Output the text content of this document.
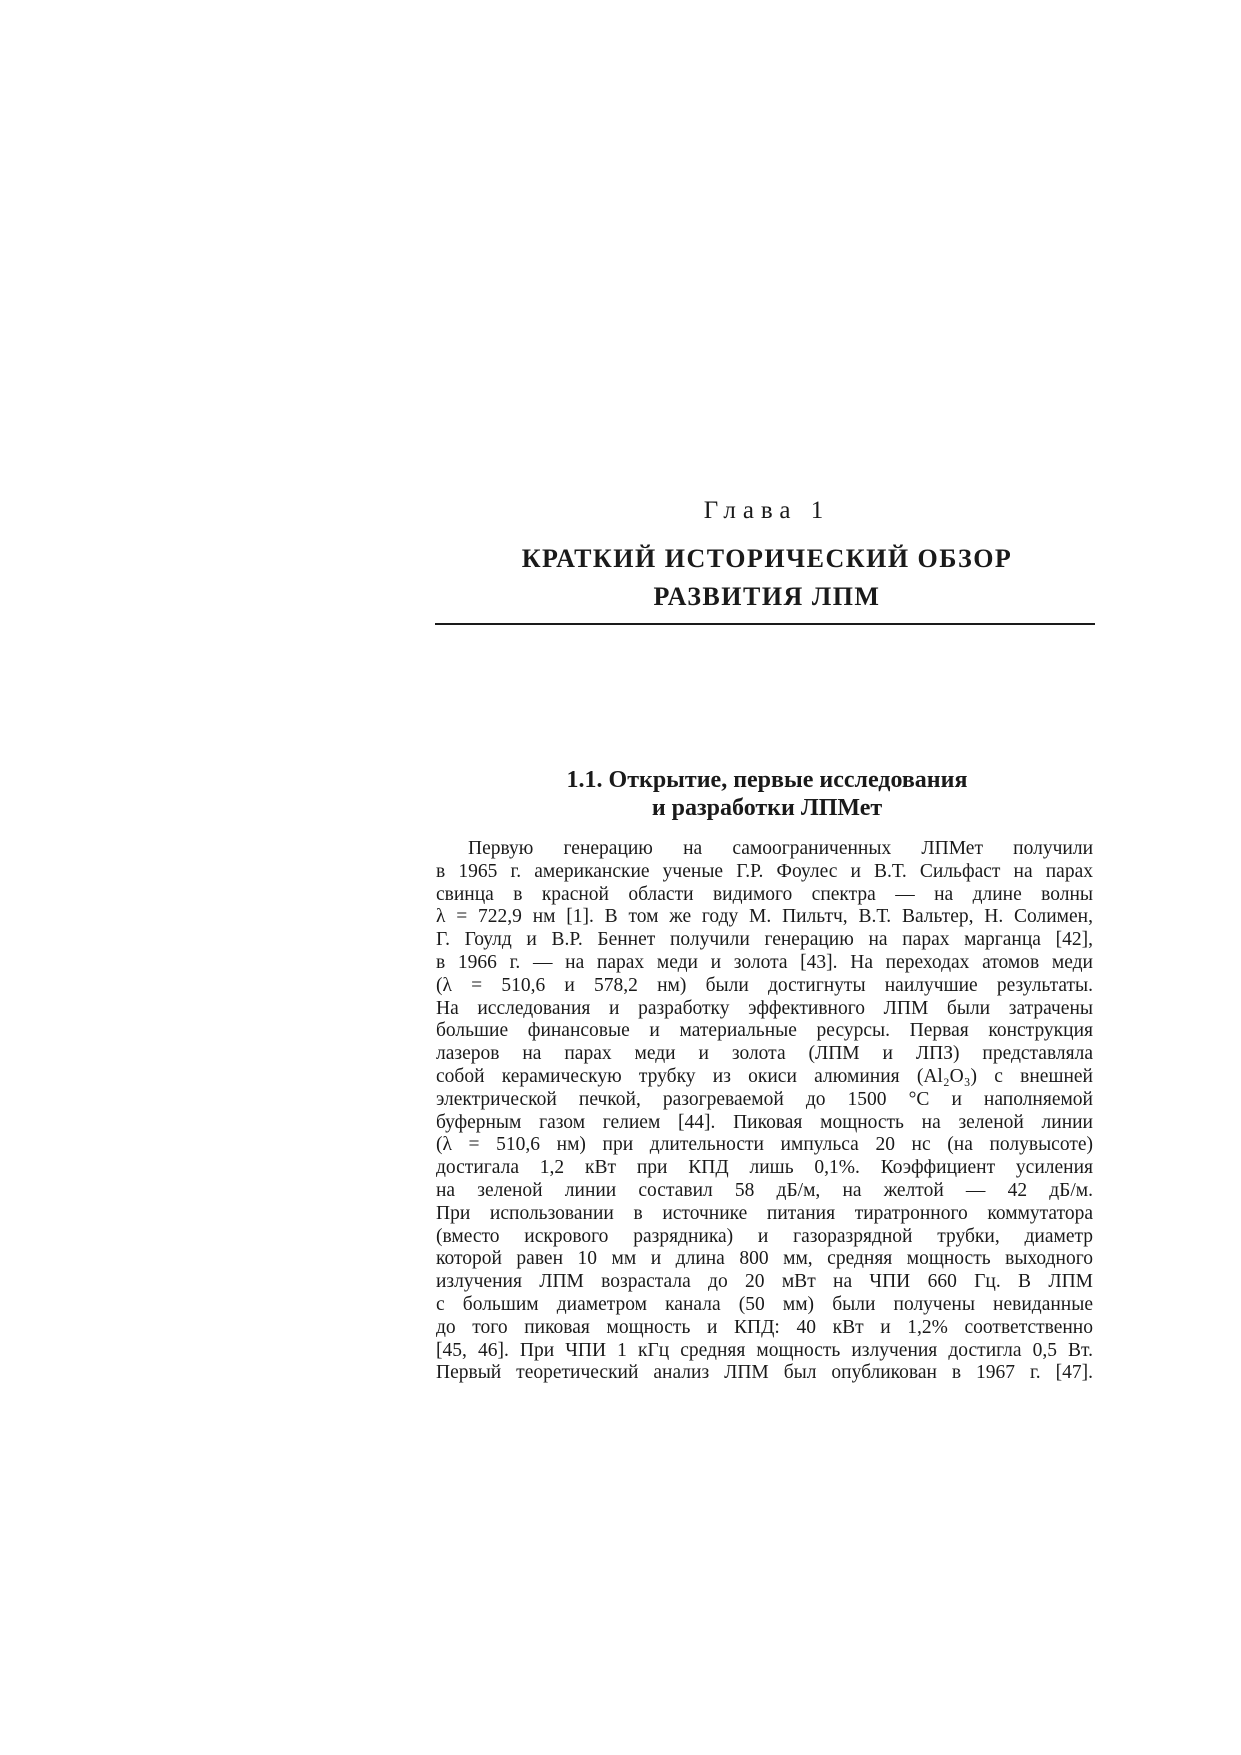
Глава 1
КРАТКИЙ ИСТОРИЧЕСКИЙ ОБЗОР
РАЗВИТИЯ ЛПМ
1.1. Открытие, первые исследования
и разработки ЛПМет
Первую генерацию на самоограниченных ЛПМет получили
в 1965 г. американские ученые Г.Р. Фоулес и В.Т. Сильфаст на парах
свинца в красной области видимого спектра — на длине волны
λ = 722,9 нм [1]. В том же году М. Пильтч, В.Т. Вальтер, Н. Солимен,
Г. Гоулд и В.Р. Беннет получили генерацию на парах марганца [42],
в 1966 г. — на парах меди и золота [43]. На переходах атомов меди
(λ = 510,6 и 578,2 нм) были достигнуты наилучшие результаты.
На исследования и разработку эффективного ЛПМ были затрачены
большие финансовые и материальные ресурсы. Первая конструкция
лазеров на парах меди и золота (ЛПМ и ЛПЗ) представляла
собой керамическую трубку из окиси алюминия (Al₂O₃) с внешней
электрической печкой, разогреваемой до 1500 °C и наполняемой
буферным газом гелием [44]. Пиковая мощность на зеленой линии
(λ = 510,6 нм) при длительности импульса 20 нс (на полувысоте)
достигала 1,2 кВт при КПД лишь 0,1%. Коэффициент усиления
на зеленой линии составил 58 дБ/м, на желтой — 42 дБ/м.
При использовании в источнике питания тиратронного коммутатора
(вместо искрового разрядника) и газоразрядной трубки, диаметр
которой равен 10 мм и длина 800 мм, средняя мощность выходного
излучения ЛПМ возрастала до 20 мВт на ЧПИ 660 Гц. В ЛПМ
с большим диаметром канала (50 мм) были получены невиданные
до того пиковая мощность и КПД: 40 кВт и 1,2% соответственно
[45, 46]. При ЧПИ 1 кГц средняя мощность излучения достигла 0,5 Вт.
Первый теоретический анализ ЛПМ был опубликован в 1967 г. [47].
